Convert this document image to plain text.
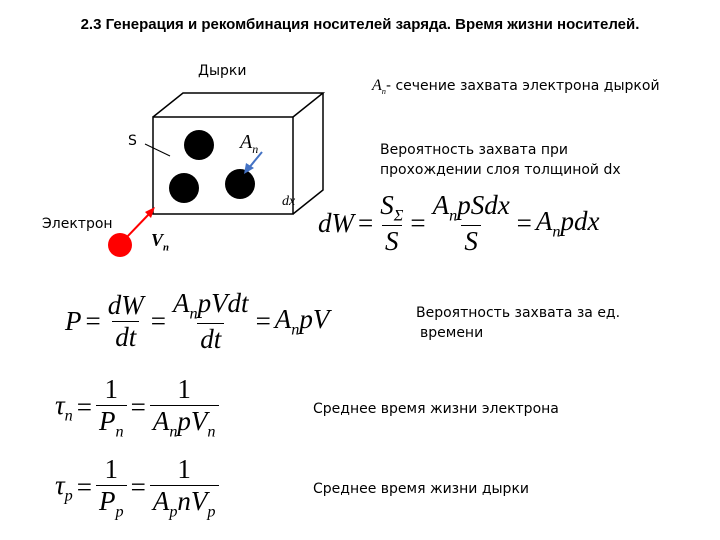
2.3 Генерация и рекомбинация носителей заряда. Время жизни носителей.
Дырки
S	$A_n$
dx
Электрон
$V_n$
$A_n-$ сечение захвата электрона дыркой
Вероятность захвата при
прохождении слоя толщиной dx
dW = $\frac{S_\Sigma}{S} = \frac{A_npSdx}{S} = A_npdx$
$P = \frac{dW}{dt} = \frac{A_npVdt}{dt} = A_npV$	Вероятность захвата за ед.
времени
$\tau_n = \frac{1}{P_n} = \frac{1}{A_npV_n}$	Среднее время жизни электрона
$\tau_p = \frac{1}{P_p} = \frac{1}{A_pnV_p}$	Среднее время жизни дырки
